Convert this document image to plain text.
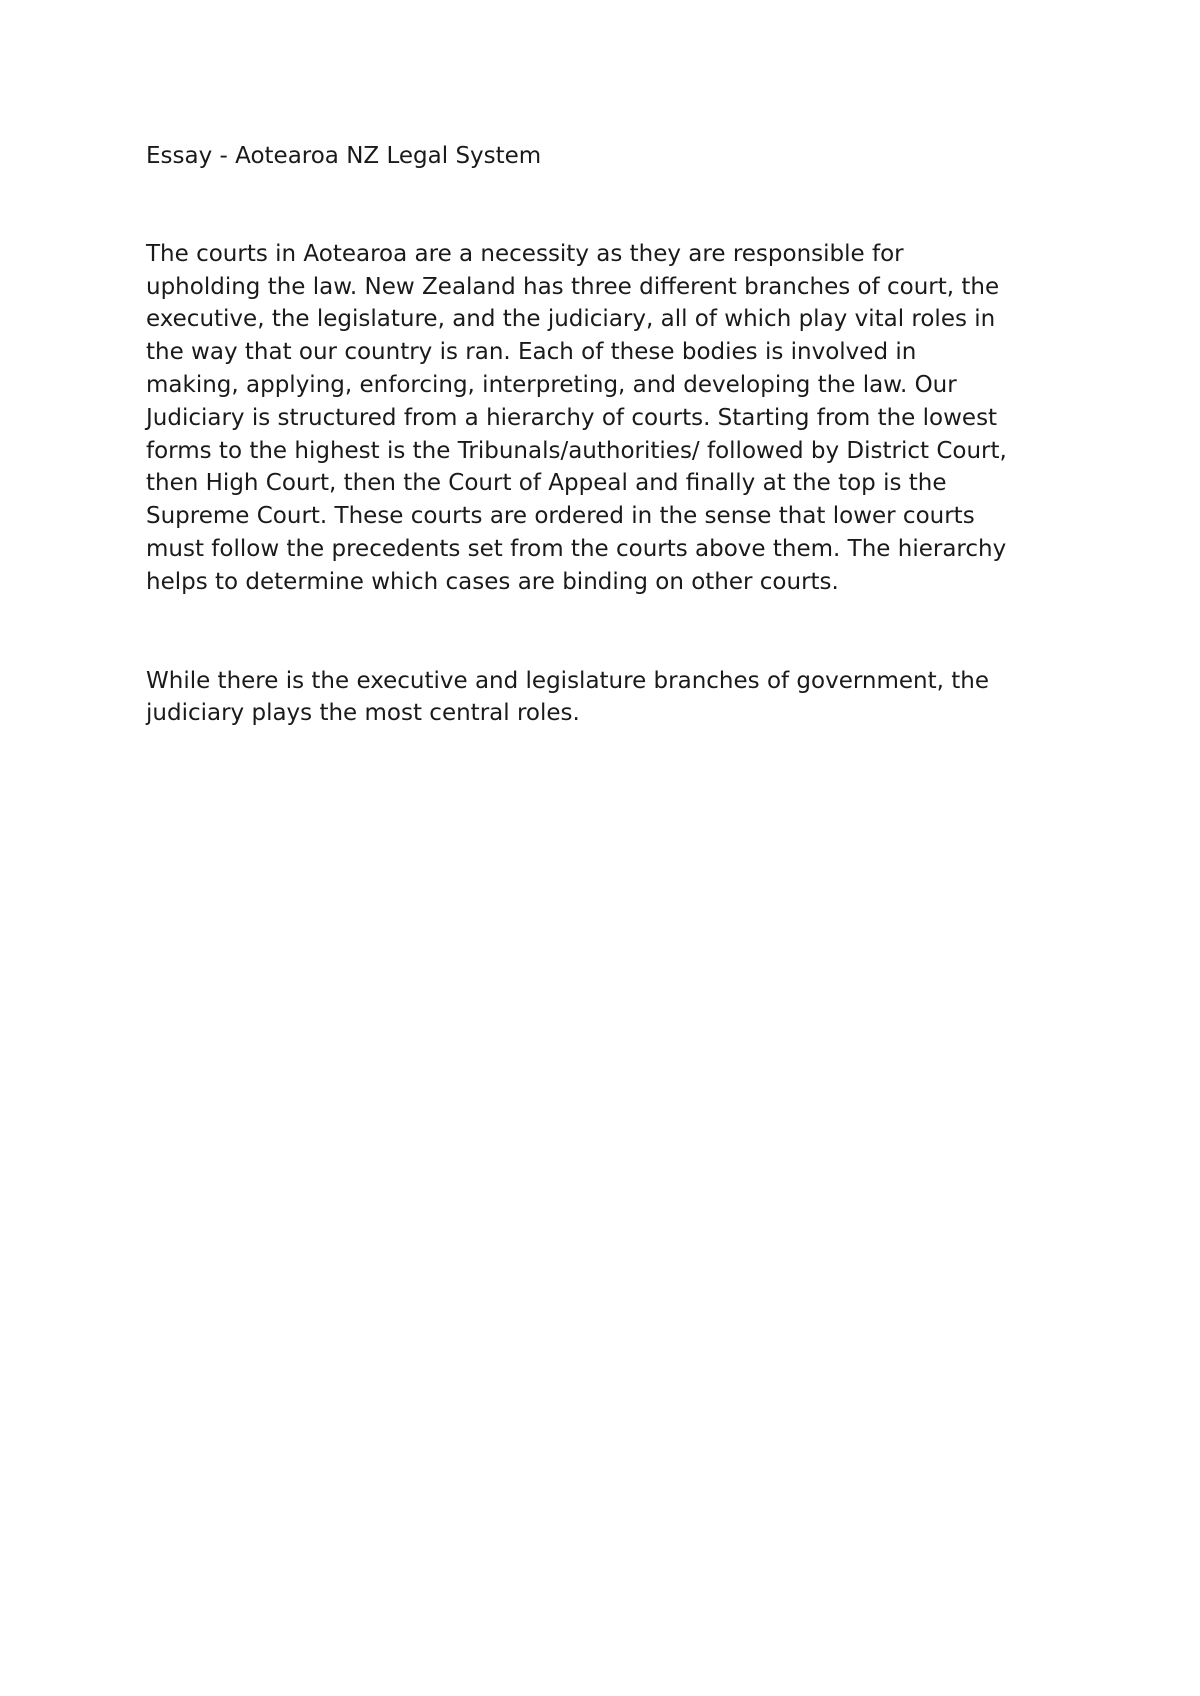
Essay - Aotearoa NZ Legal System

The courts in Aotearoa are a necessity as they are responsible for
upholding the law. New Zealand has three different branches of court, the
executive, the legislature, and the judiciary, all of which play vital roles in
the way that our country is ran. Each of these bodies is involved in
making, applying, enforcing, interpreting, and developing the law. Our
Judiciary is structured from a hierarchy of courts. Starting from the lowest
forms to the highest is the Tribunals/authorities/ followed by District Court,
then High Court, then the Court of Appeal and finally at the top is the
Supreme Court. These courts are ordered in the sense that lower courts
must follow the precedents set from the courts above them. The hierarchy
helps to determine which cases are binding on other courts.

While there is the executive and legislature branches of government, the
judiciary plays the most central roles.
